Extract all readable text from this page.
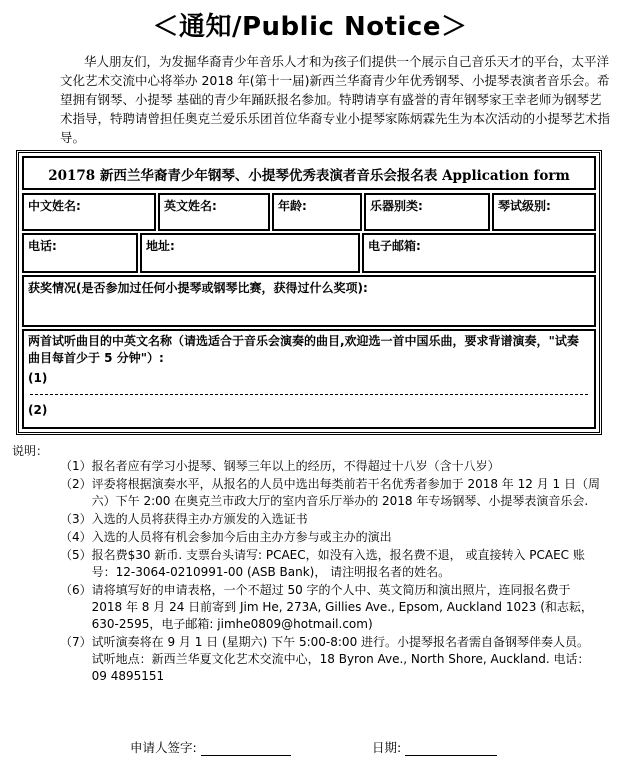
＜通知/Public Notice＞
华人朋友们，为发掘华裔青少年音乐人才和为孩子们提供一个展示自己音乐天才的平台，太平洋文化艺术交流中心将举办 2018 年(第十一届)新西兰华裔青少年优秀钢琴、小提琴表演者音乐会。希望拥有钢琴、小提琴 基础的青少年踊跃报名参加。特聘请享有盛誉的青年钢琴家王幸老师为钢琴艺术指导，特聘请曾担任奥克兰爱乐乐团首位华裔专业小提琴家陈炳霖先生为本次活动的小提琴艺术指导。
20178 新西兰华裔青少年钢琴、小提琴优秀表演者音乐会报名表 Application form
中文姓名:	英文姓名:	年龄:	乐器别类:	琴试级别:
电话:	地址:	电子邮箱:
获奖情况(是否参加过任何小提琴或钢琴比赛，获得过什么奖项):
两首试听曲目的中英文名称（请选适合于音乐会演奏的曲目,欢迎选一首中国乐曲，要求背谱演奏，"试奏曲目每首少于 5 分钟"）:
(1)
(2)
说明：
（1） 报名者应有学习小提琴、钢琴三年以上的经历，不得超过十八岁（含十八岁）
（2） 评委将根据演奏水平，从报名的人员中选出每类前若干名优秀者参加于 2018 年 12 月 1 日（周六）下午 2:00 在奥克兰市政大厅的室内音乐厅举办的 2018 年专场钢琴、小提琴表演音乐会.
（3） 入选的人员将获得主办方颁发的入选证书
（4） 入选的人员将有机会参加今后由主办方参与或主办的演出
（5） 报名费$30 新币. 支票台头请写: PCAEC，如没有入选，报名费不退， 或直接转入 PCAEC 账号：12-3064-0210991-00 (ASB Bank)， 请注明报名者的姓名。
（6） 请将填写好的申请表格，一个不超过 50 字的个人中、英文简历和演出照片，连同报名费于 2018 年 8 月 24 日前寄到 Jim He, 273A, Gillies Ave., Epsom, Auckland 1023 (和志耘，630-2595，电子邮箱: jimhe0809@hotmail.com)
（7） 试听演奏将在 9 月 1 日 (星期六) 下午 5:00-8:00 进行。小提琴报名者需自备钢琴伴奏人员。试听地点：新西兰华夏文化艺术交流中心，18 Byron Ave., North Shore, Auckland. 电话：09 4895151
申请人签字:	日期:
